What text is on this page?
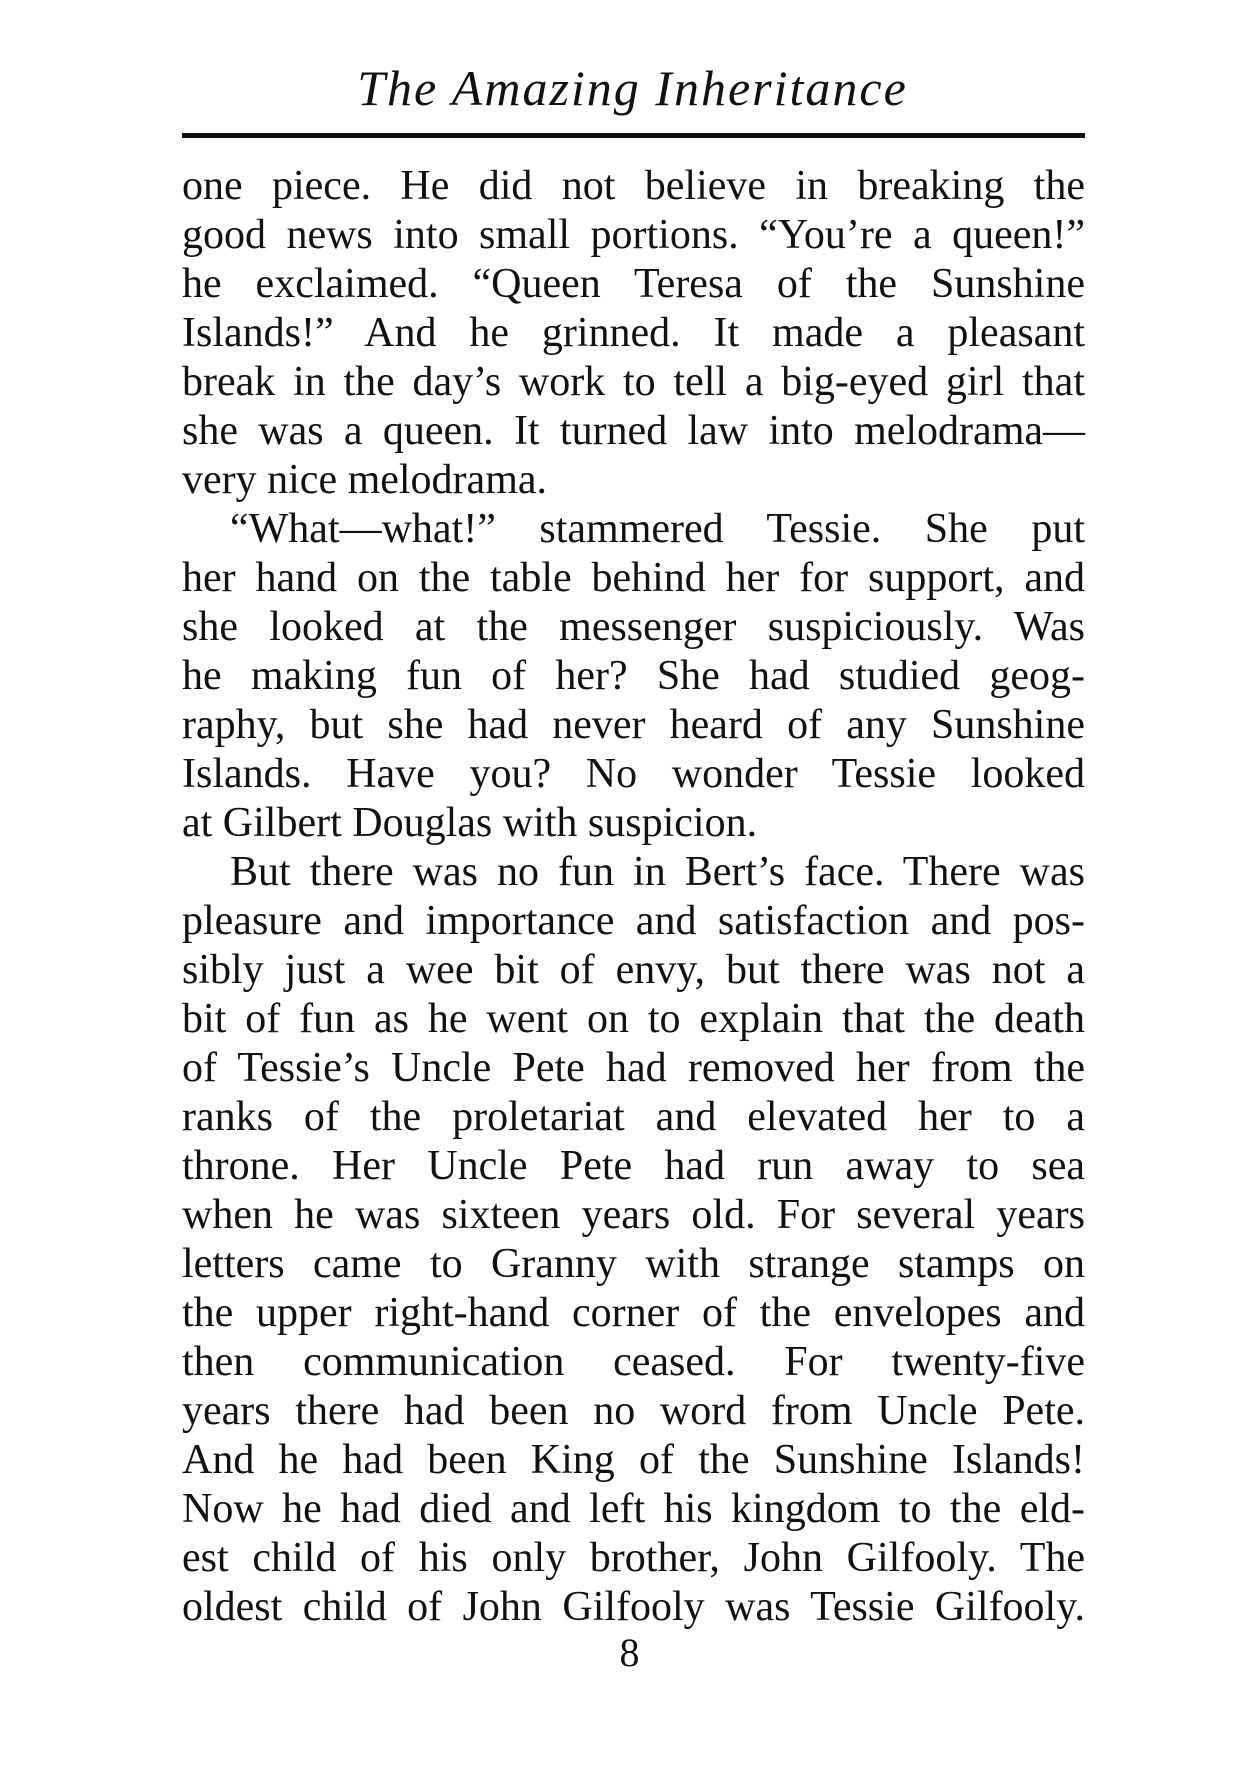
The Amazing Inheritance
one piece. He did not believe in breaking the
good news into small portions. “You’re a queen!”
he exclaimed. “Queen Teresa of the Sunshine
Islands!” And he grinned. It made a pleasant
break in the day’s work to tell a big-eyed girl that
she was a queen. It turned law into melodrama—
very nice melodrama.
“What—what!” stammered Tessie. She put
her hand on the table behind her for support, and
she looked at the messenger suspiciously. Was
he making fun of her? She had studied geog-
raphy, but she had never heard of any Sunshine
Islands. Have you? No wonder Tessie looked
at Gilbert Douglas with suspicion.
But there was no fun in Bert’s face. There was
pleasure and importance and satisfaction and pos-
sibly just a wee bit of envy, but there was not a
bit of fun as he went on to explain that the death
of Tessie’s Uncle Pete had removed her from the
ranks of the proletariat and elevated her to a
throne. Her Uncle Pete had run away to sea
when he was sixteen years old. For several years
letters came to Granny with strange stamps on
the upper right-hand corner of the envelopes and
then communication ceased. For twenty-five
years there had been no word from Uncle Pete.
And he had been King of the Sunshine Islands!
Now he had died and left his kingdom to the eld-
est child of his only brother, John Gilfooly. The
oldest child of John Gilfooly was Tessie Gilfooly.

8
